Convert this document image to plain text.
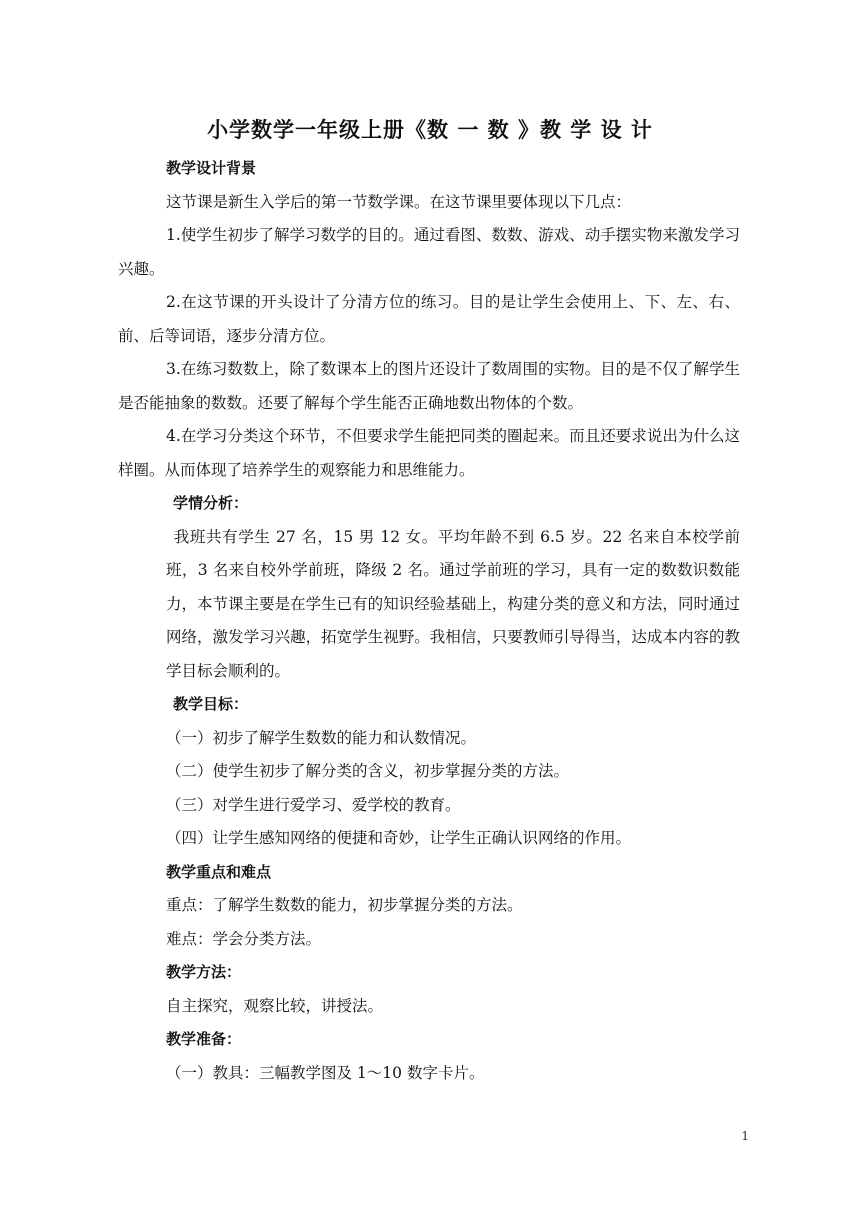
小学数学一年级上册《数 一 数 》教 学 设 计

教学设计背景

这节课是新生入学后的第一节数学课。在这节课里要体现以下几点：

1.使学生初步了解学习数学的目的。通过看图、数数、游戏、动手摆实物来激发学习兴趣。

2.在这节课的开头设计了分清方位的练习。目的是让学生会使用上、下、左、右、前、后等词语，逐步分清方位。

3.在练习数数上，除了数课本上的图片还设计了数周围的实物。目的是不仅了解学生是否能抽象的数数。还要了解每个学生能否正确地数出物体的个数。

4.在学习分类这个环节，不但要求学生能把同类的圈起来。而且还要求说出为什么这样圈。从而体现了培养学生的观察能力和思维能力。

学情分析：

我班共有学生 27 名，15 男 12 女。平均年龄不到 6.5 岁。22 名来自本校学前班，3 名来自校外学前班，降级 2 名。通过学前班的学习，具有一定的数数识数能力，本节课主要是在学生已有的知识经验基础上，构建分类的意义和方法，同时通过网络，激发学习兴趣，拓宽学生视野。我相信，只要教师引导得当，达成本内容的教学目标会顺利的。

教学目标：

（一）初步了解学生数数的能力和认数情况。

（二）使学生初步了解分类的含义，初步掌握分类的方法。

（三）对学生进行爱学习、爱学校的教育。

（四）让学生感知网络的便捷和奇妙，让学生正确认识网络的作用。

教学重点和难点

重点：了解学生数数的能力，初步掌握分类的方法。

难点：学会分类方法。

教学方法：

自主探究，观察比较，讲授法。

教学准备：

（一）教具：三幅教学图及 1～10 数字卡片。

1
